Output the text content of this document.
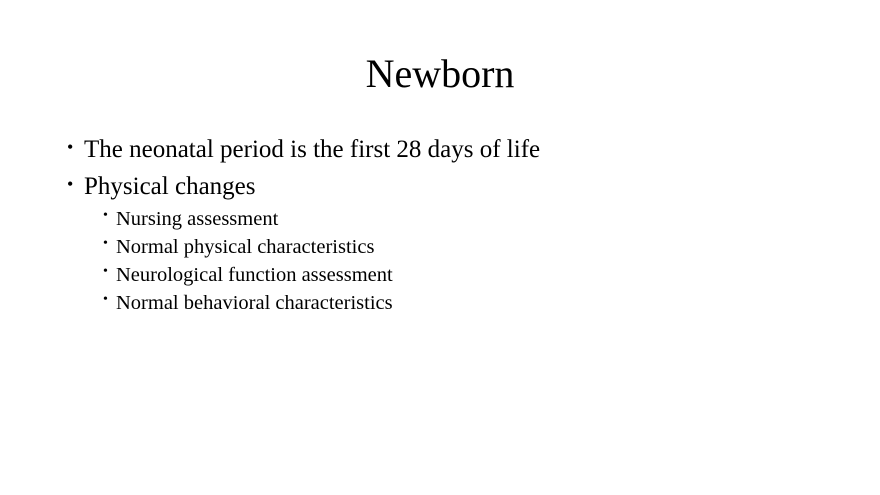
Newborn
• The neonatal period is the first 28 days of life
• Physical changes
• Nursing assessment
• Normal physical characteristics
• Neurological function assessment
• Normal behavioral characteristics
